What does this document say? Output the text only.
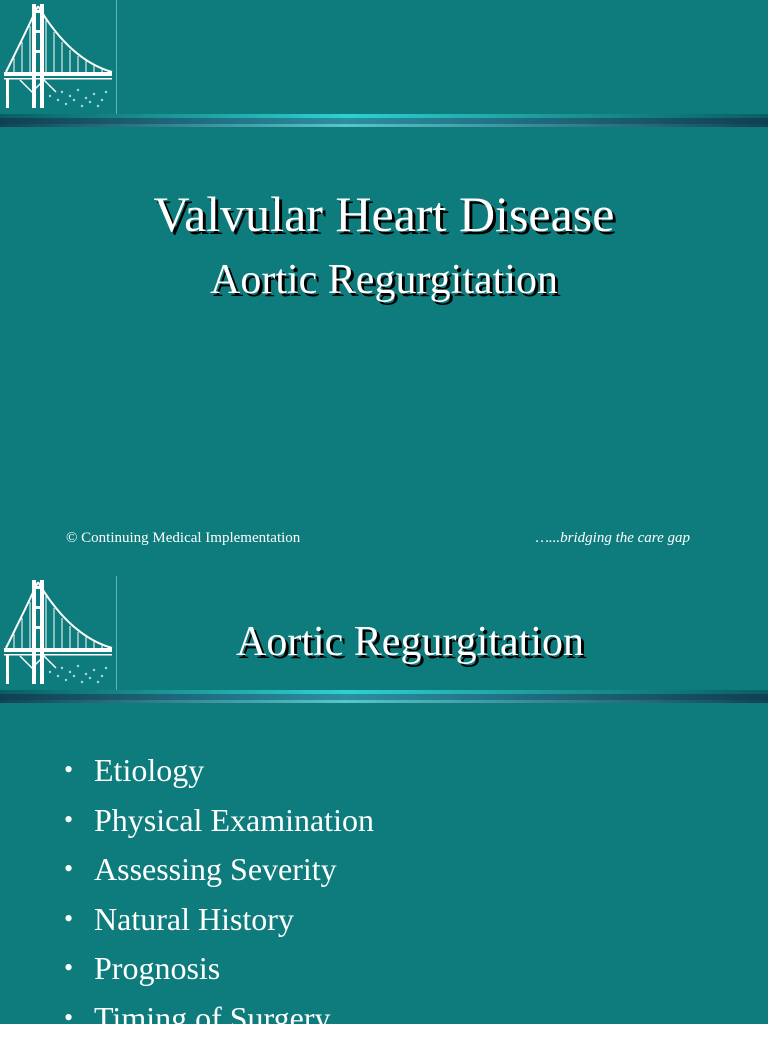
Valvular Heart Disease
Aortic Regurgitation
© Continuing Medical Implementation	…...bridging the care gap
Aortic Regurgitation
• Etiology
• Physical Examination
• Assessing Severity
• Natural History
• Prognosis
• Timing of Surgery
